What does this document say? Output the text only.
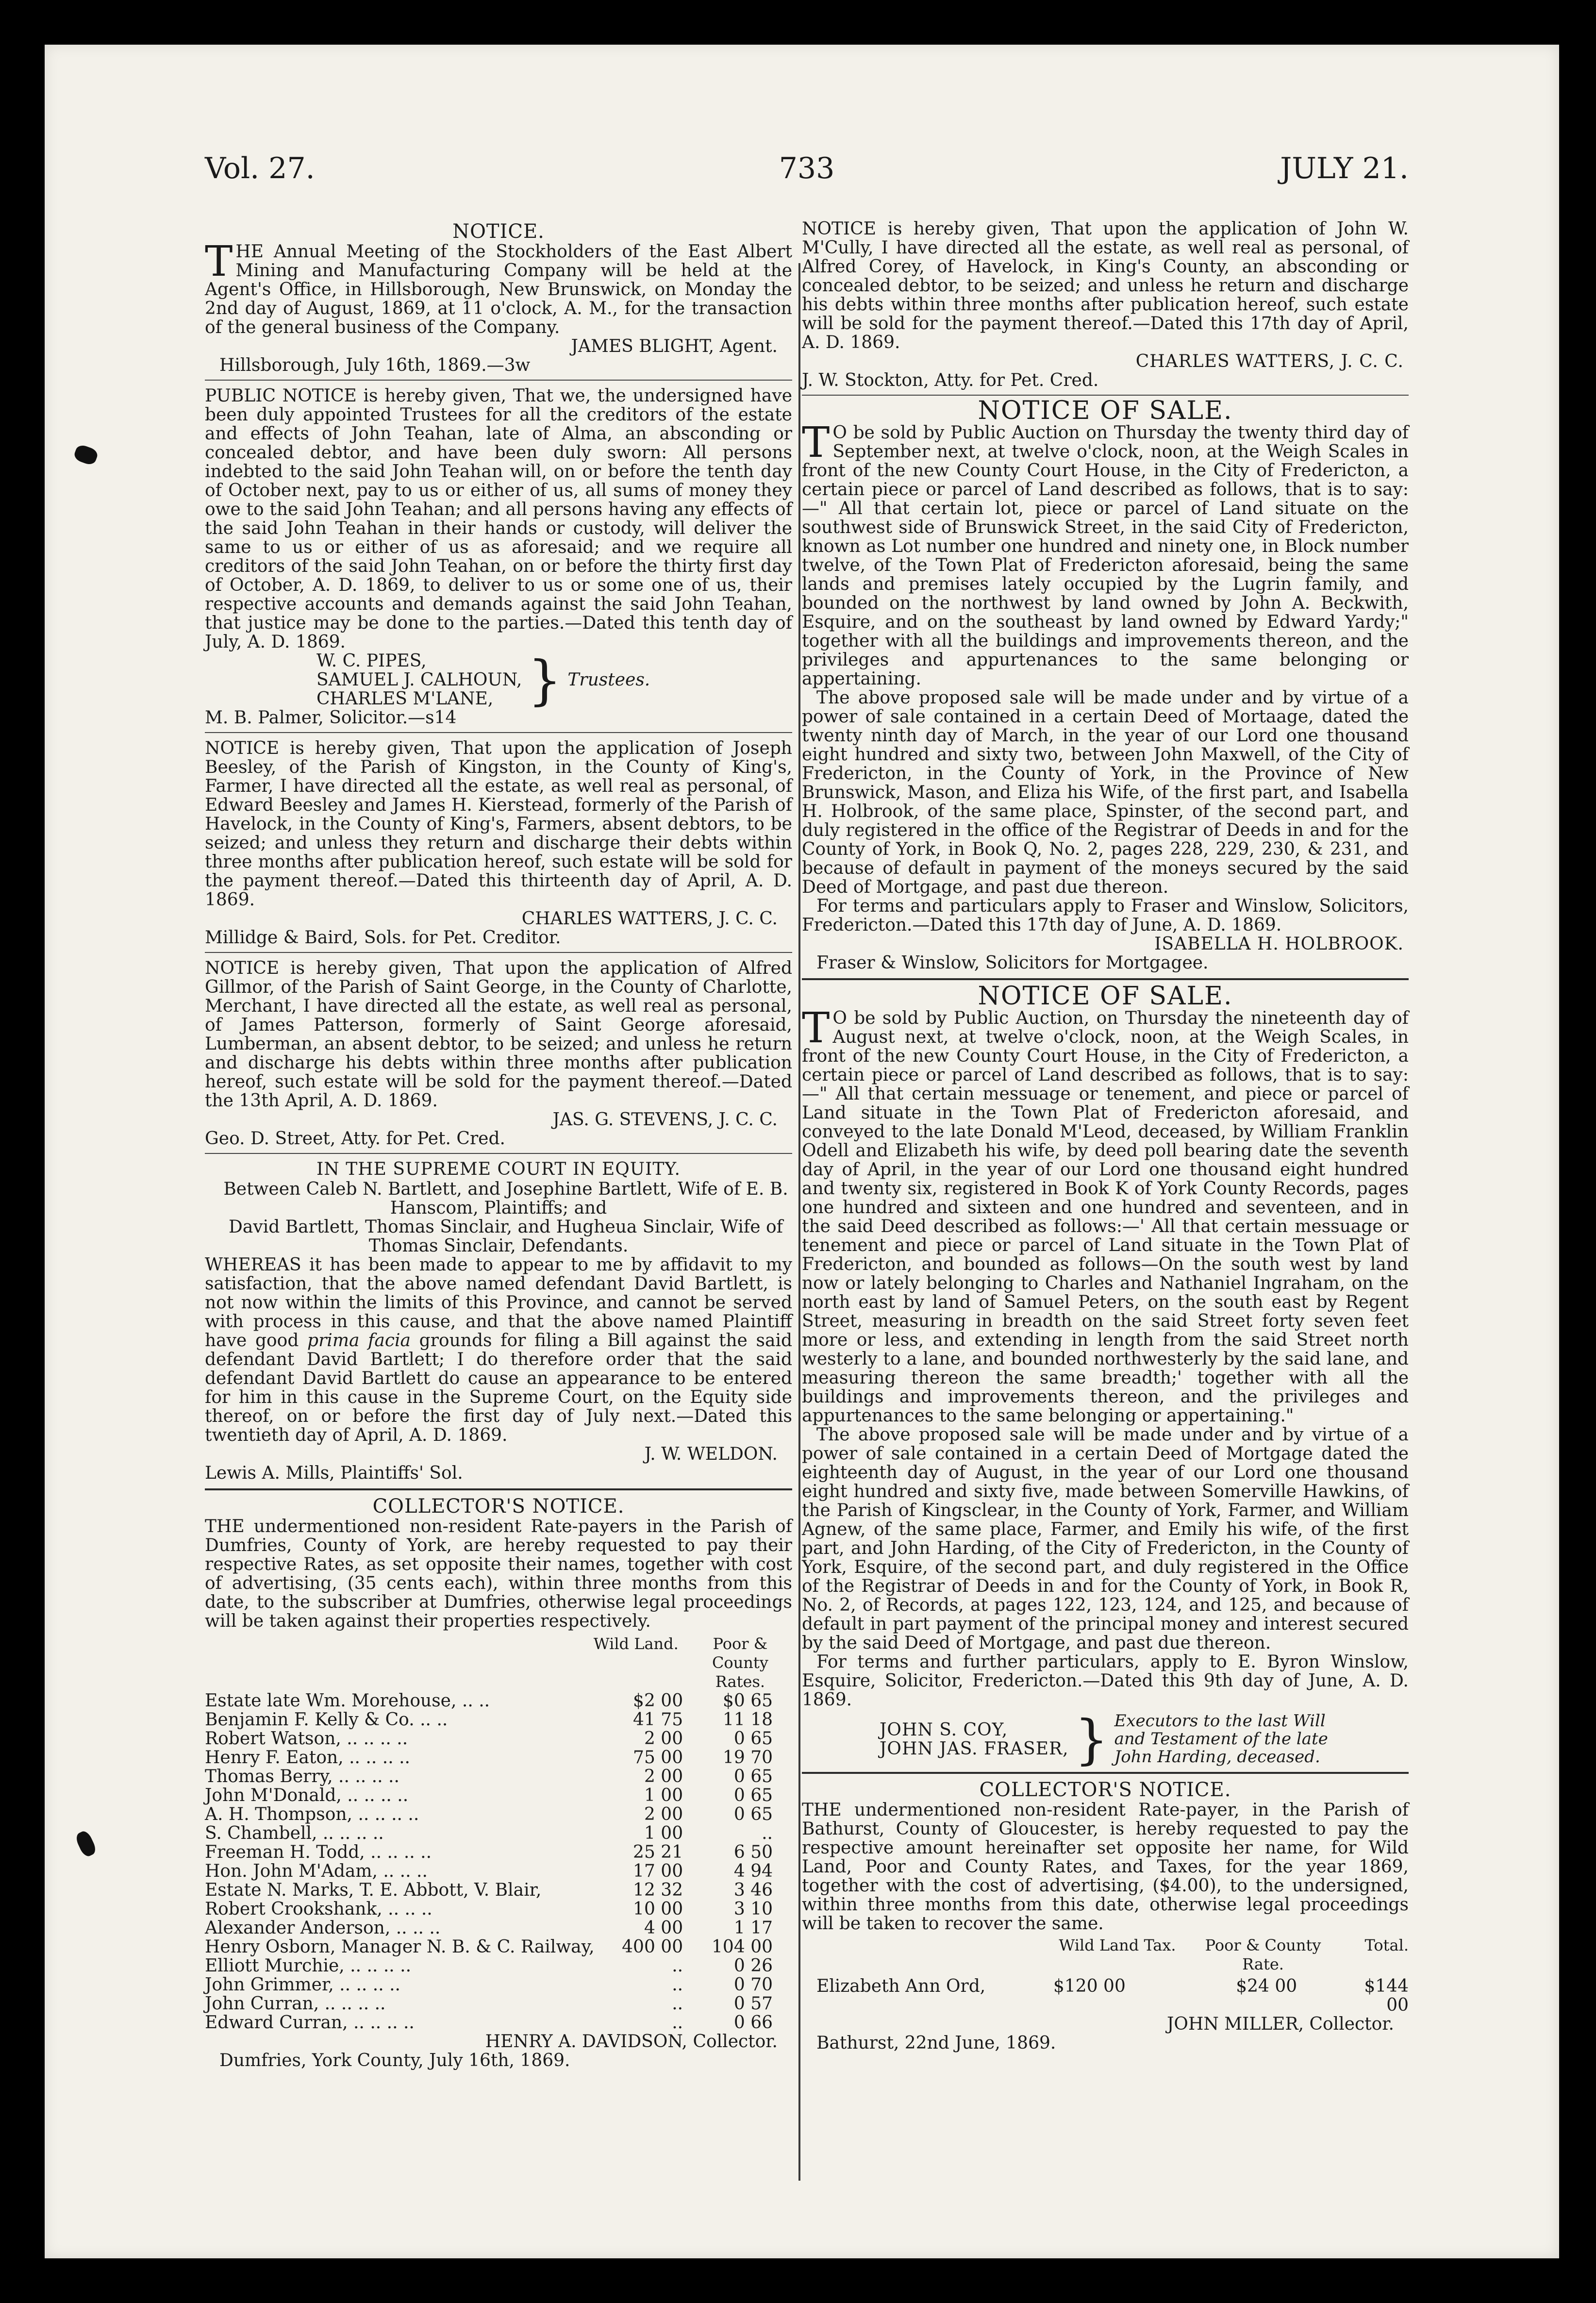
Vol. 27.	733	JULY 21.
NOTICE.

THE Annual Meeting of the Stockholders of the East Albert Mining and Manufacturing Company will be held at the Agent's Office, in Hillsborough, New Brunswick, on Monday the 2nd day of August, 1869, at 11 o'clock, A. M., for the transaction of the general business of the Company.

JAMES BLIGHT, Agent.

Hillsborough, July 16th, 1869.—3w

PUBLIC NOTICE is hereby given, That we, the undersigned have been duly appointed Trustees for all the creditors of the estate and effects of John Teahan, late of Alma, an absconding or concealed debtor, and have been duly sworn: All persons indebted to the said John Teahan will, on or before the tenth day of October next, pay to us or either of us, all sums of money they owe to the said John Teahan; and all persons having any effects of the said John Teahan in their hands or custody, will deliver the same to us or either of us as aforesaid; and we require all creditors of the said John Teahan, on or before the thirty first day of October, A. D. 1869, to deliver to us or some one of us, their respective accounts and demands against the said John Teahan, that justice may be done to the parties.—Dated this tenth day of July, A. D. 1869.

W. C. PIPES,
SAMUEL J. CALHOUN,
CHARLES M'LANE, } Trustees.

M. B. Palmer, Solicitor.—s14

NOTICE is hereby given, That upon the application of Joseph Beesley, of the Parish of Kingston, in the County of King's, Farmer, I have directed all the estate, as well real as personal, of Edward Beesley and James H. Kierstead, formerly of the Parish of Havelock, in the County of King's, Farmers, absent debtors, to be seized; and unless they return and discharge their debts within three months after publication hereof, such estate will be sold for the payment thereof.—Dated this thirteenth day of April, A. D. 1869.

CHARLES WATTERS, J. C. C.

Millidge & Baird, Sols. for Pet. Creditor.

NOTICE is hereby given, That upon the application of Alfred Gillmor, of the Parish of Saint George, in the County of Charlotte, Merchant, I have directed all the estate, as well real as personal, of James Patterson, formerly of Saint George aforesaid, Lumberman, an absent debtor, to be seized; and unless he return and discharge his debts within three months after publication hereof, such estate will be sold for the payment thereof.—Dated the 13th April, A. D. 1869.

JAS. G. STEVENS, J. C. C.

Geo. D. Street, Atty. for Pet. Cred.

IN THE SUPREME COURT IN EQUITY.

Between Caleb N. Bartlett, and Josephine Bartlett, Wife of E. B. Hanscom, Plaintiffs; and

David Bartlett, Thomas Sinclair, and Hugheua Sinclair, Wife of Thomas Sinclair, Defendants.

WHEREAS it has been made to appear to me by affidavit to my satisfaction, that the above named defendant David Bartlett, is not now within the limits of this Province, and cannot be served with process in this cause, and that the above named Plaintiff have good prima facia grounds for filing a Bill against the said defendant David Bartlett; I do therefore order that the said defendant David Bartlett do cause an appearance to be entered for him in this cause in the Supreme Court, on the Equity side thereof, on or before the first day of July next.—Dated this twentieth day of April, A. D. 1869.

J. W. WELDON.

Lewis A. Mills, Plaintiffs' Sol.

COLLECTOR'S NOTICE.

THE undermentioned non-resident Rate-payers in the Parish of Dumfries, County of York, are hereby requested to pay their respective Rates, as set opposite their names, together with cost of advertising, (35 cents each), within three months from this date, to the subscriber at Dumfries, otherwise legal proceedings will be taken against their properties respectively.

Wild Land.	Poor & County Rates.
Estate late Wm. Morehouse, .. ..	$2 00	$0 65
Benjamin F. Kelly & Co. .. ..	41 75	11 18
Robert Watson, .. .. .. ..	2 00	0 65
Henry F. Eaton, .. .. .. ..	75 00	19 70
Thomas Berry, .. .. .. ..	2 00	0 65
John M'Donald, .. .. .. ..	1 00	0 65
A. H. Thompson, .. .. .. ..	2 00	0 65
S. Chambell, .. .. .. ..	1 00	..
Freeman H. Todd, .. .. .. ..	25 21	6 50
Hon. John M'Adam, .. .. ..	17 00	4 94
Estate N. Marks, T. E. Abbott, V. Blair,	12 32	3 46
Robert Crookshank, .. .. ..	10 00	3 10
Alexander Anderson, .. .. ..	4 00	1 17
Henry Osborn, Manager N. B. & C. Railway,	400 00	104 00
Elliott Murchie, .. .. .. ..	..	0 26
John Grimmer, .. .. .. ..	..	0 70
John Curran, .. .. .. ..	..	0 57
Edward Curran, .. .. .. ..	..	0 66
HENRY A. DAVIDSON, Collector.

Dumfries, York County, July 16th, 1869.

NOTICE is hereby given, That upon the application of John W. M'Cully, I have directed all the estate, as well real as personal, of Alfred Corey, of Havelock, in King's County, an absconding or concealed debtor, to be seized; and unless he return and discharge his debts within three months after publication hereof, such estate will be sold for the payment thereof.—Dated this 17th day of April, A. D. 1869.

CHARLES WATTERS, J. C. C.

J. W. Stockton, Atty. for Pet. Cred.

NOTICE OF SALE.

T O be sold by Public Auction on Thursday the twenty third day of September next, at twelve o'clock, noon, at the Weigh Scales in front of the new County Court House, in the City of Fredericton, a certain piece or parcel of Land described as follows, that is to say:—" All that certain lot, piece or parcel of Land situate on the southwest side of Brunswick Street, in the said City of Fredericton, known as Lot number one hundred and ninety one, in Block number twelve, of the Town Plat of Fredericton aforesaid, being the same lands and premises lately occupied by the Lugrin family, and bounded on the northwest by land owned by John A. Beckwith, Esquire, and on the southeast by land owned by Edward Yardy;" together with all the buildings and improvements thereon, and the privileges and appurtenances to the same belonging or appertaining.

The above proposed sale will be made under and by virtue of a power of sale contained in a certain Deed of Mortaage, dated the twenty ninth day of March, in the year of our Lord one thousand eight hundred and sixty two, between John Maxwell, of the City of Fredericton, in the County of York, in the Province of New Brunswick, Mason, and Eliza his Wife, of the first part, and Isabella H. Holbrook, of the same place, Spinster, of the second part, and duly registered in the office of the Registrar of Deeds in and for the County of York, in Book Q, No. 2, pages 228, 229, 230, & 231, and because of default in payment of the moneys secured by the said Deed of Mortgage, and past due thereon.

For terms and particulars apply to Fraser and Winslow, Solicitors, Fredericton.—Dated this 17th day of June, A. D. 1869.

ISABELLA H. HOLBROOK.

Fraser & Winslow, Solicitors for Mortgagee.

NOTICE OF SALE.

T O be sold by Public Auction, on Thursday the nineteenth day of August next, at twelve o'clock, noon, at the Weigh Scales, in front of the new County Court House, in the City of Fredericton, a certain piece or parcel of Land described as follows, that is to say:—" All that certain messuage or tenement, and piece or parcel of Land situate in the Town Plat of Fredericton aforesaid, and conveyed to the late Donald M'Leod, deceased, by William Franklin Odell and Elizabeth his wife, by deed poll bearing date the seventh day of April, in the year of our Lord one thousand eight hundred and twenty six, registered in Book K of York County Records, pages one hundred and sixteen and one hundred and seventeen, and in the said Deed described as follows:—' All that certain messuage or tenement and piece or parcel of Land situate in the Town Plat of Fredericton, and bounded as follows—On the south west by land now or lately belonging to Charles and Nathaniel Ingraham, on the north east by land of Samuel Peters, on the south east by Regent Street, measuring in breadth on the said Street forty seven feet more or less, and extending in length from the said Street north westerly to a lane, and bounded northwesterly by the said lane, and measuring thereon the same breadth;' together with all the buildings and improvements thereon, and the privileges and appurtenances to the same belonging or appertaining."

The above proposed sale will be made under and by virtue of a power of sale contained in a certain Deed of Mortgage dated the eighteenth day of August, in the year of our Lord one thousand eight hundred and sixty five, made between Somerville Hawkins, of the Parish of Kingsclear, in the County of York, Farmer, and William Agnew, of the same place, Farmer, and Emily his wife, of the first part, and John Harding, of the City of Fredericton, in the County of York, Esquire, of the second part, and duly registered in the Office of the Registrar of Deeds in and for the County of York, in Book R, No. 2, of Records, at pages 122, 123, 124, and 125, and because of default in part payment of the principal money and interest secured by the said Deed of Mortgage, and past due thereon.

For terms and further particulars, apply to E. Byron Winslow, Esquire, Solicitor, Fredericton.—Dated this 9th day of June, A. D. 1869.

JOHN S. COY,
JOHN JAS. FRASER, } Executors to the last Will
and Testament of the late
John Harding, deceased.
COLLECTOR'S NOTICE.

THE undermentioned non-resident Rate-payer, in the Parish of Bathurst, County of Gloucester, is hereby requested to pay the respective amount hereinafter set opposite her name, for Wild Land, Poor and County Rates, and Taxes, for the year 1869, together with the cost of advertising, ($4.00), to the undersigned, within three months from this date, otherwise legal proceedings will be taken to recover the same.

Wild Land Tax.	Poor & County Rate.
Total.
Elizabeth Ann Ord,	$120 00	$24 00	$144 00
JOHN MILLER, Collector.

Bathurst, 22nd June, 1869.
